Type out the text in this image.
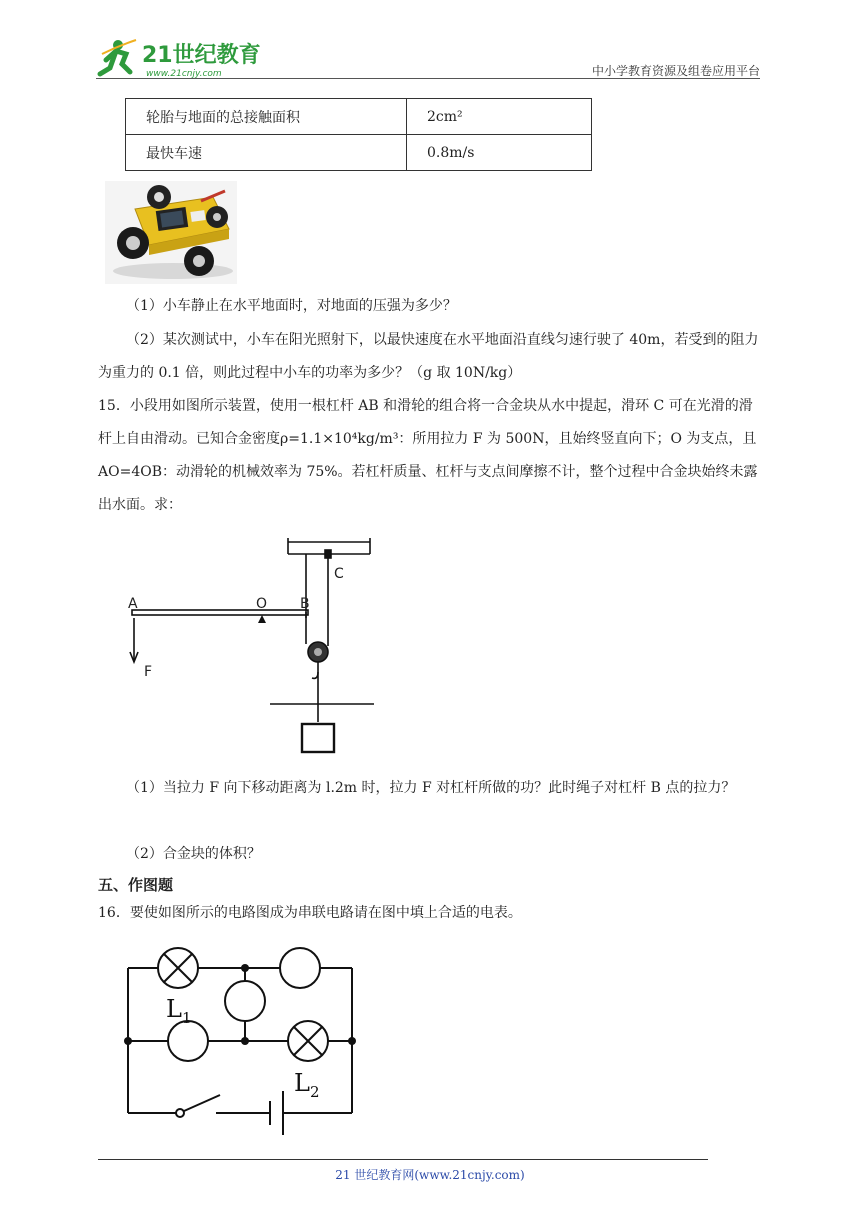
21世纪教育
www.21cnjy.com	中小学教育资源及组卷应用平台
轮胎与地面的总接触面积	2cm²
最快车速	0.8m/s
（1）小车静止在水平地面时，对地面的压强为多少？
（2）某次测试中，小车在阳光照射下，以最快速度在水平地面沿直线匀速行驶了 40m，若受到的阻力为重力的 0.1 倍，则此过程中小车的功率为多少？（g 取 10N/kg）
15．小段用如图所示装置，使用一根杠杆 AB 和滑轮的组合将一合金块从水中提起，滑环 C 可在光滑的滑杆上自由滑动。已知合金密度ρ=1.1×10⁴kg/m³：所用拉力 F 为 500N，且始终竖直向下；O 为支点，且 AO=4OB：动滑轮的机械效率为 75%。若杠杆质量、杠杆与支点间摩擦不计，整个过程中合金块始终未露出水面。求：
A	O B
C
F
（1）当拉力 F 向下移动距离为 l.2m 时，拉力 F 对杠杆所做的功？此时绳子对杠杆 B 点的拉力？
（2）合金块的体积？
五、作图题
16．要使如图所示的电路图成为串联电路请在图中填上合适的电表。
L 1
L 2
21 世纪教育网(www.21cnjy.com)
